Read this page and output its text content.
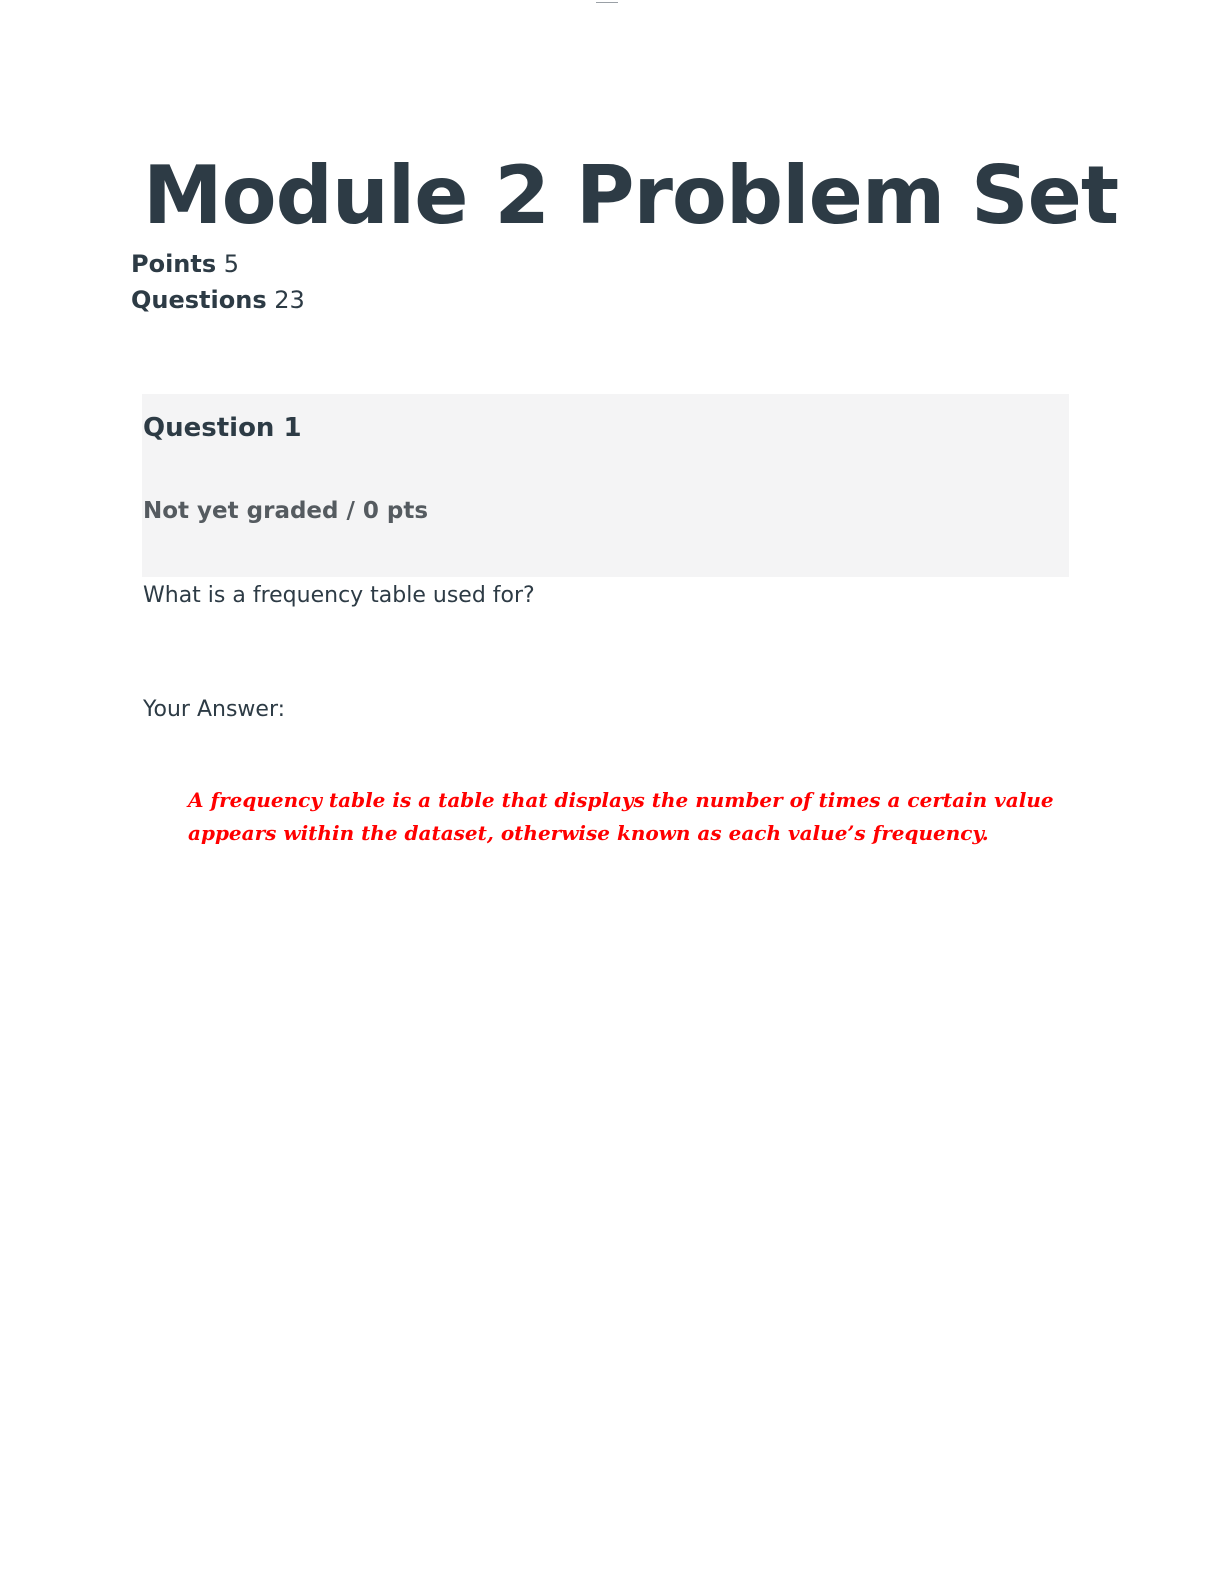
Module 2 Problem Set
Points 5
Questions 23
Question 1
Not yet graded / 0 pts
What is a frequency table used for?
Your Answer:

A frequency table is a table that displays the number of times a certain value appears within the dataset, otherwise known as each value’s frequency.
